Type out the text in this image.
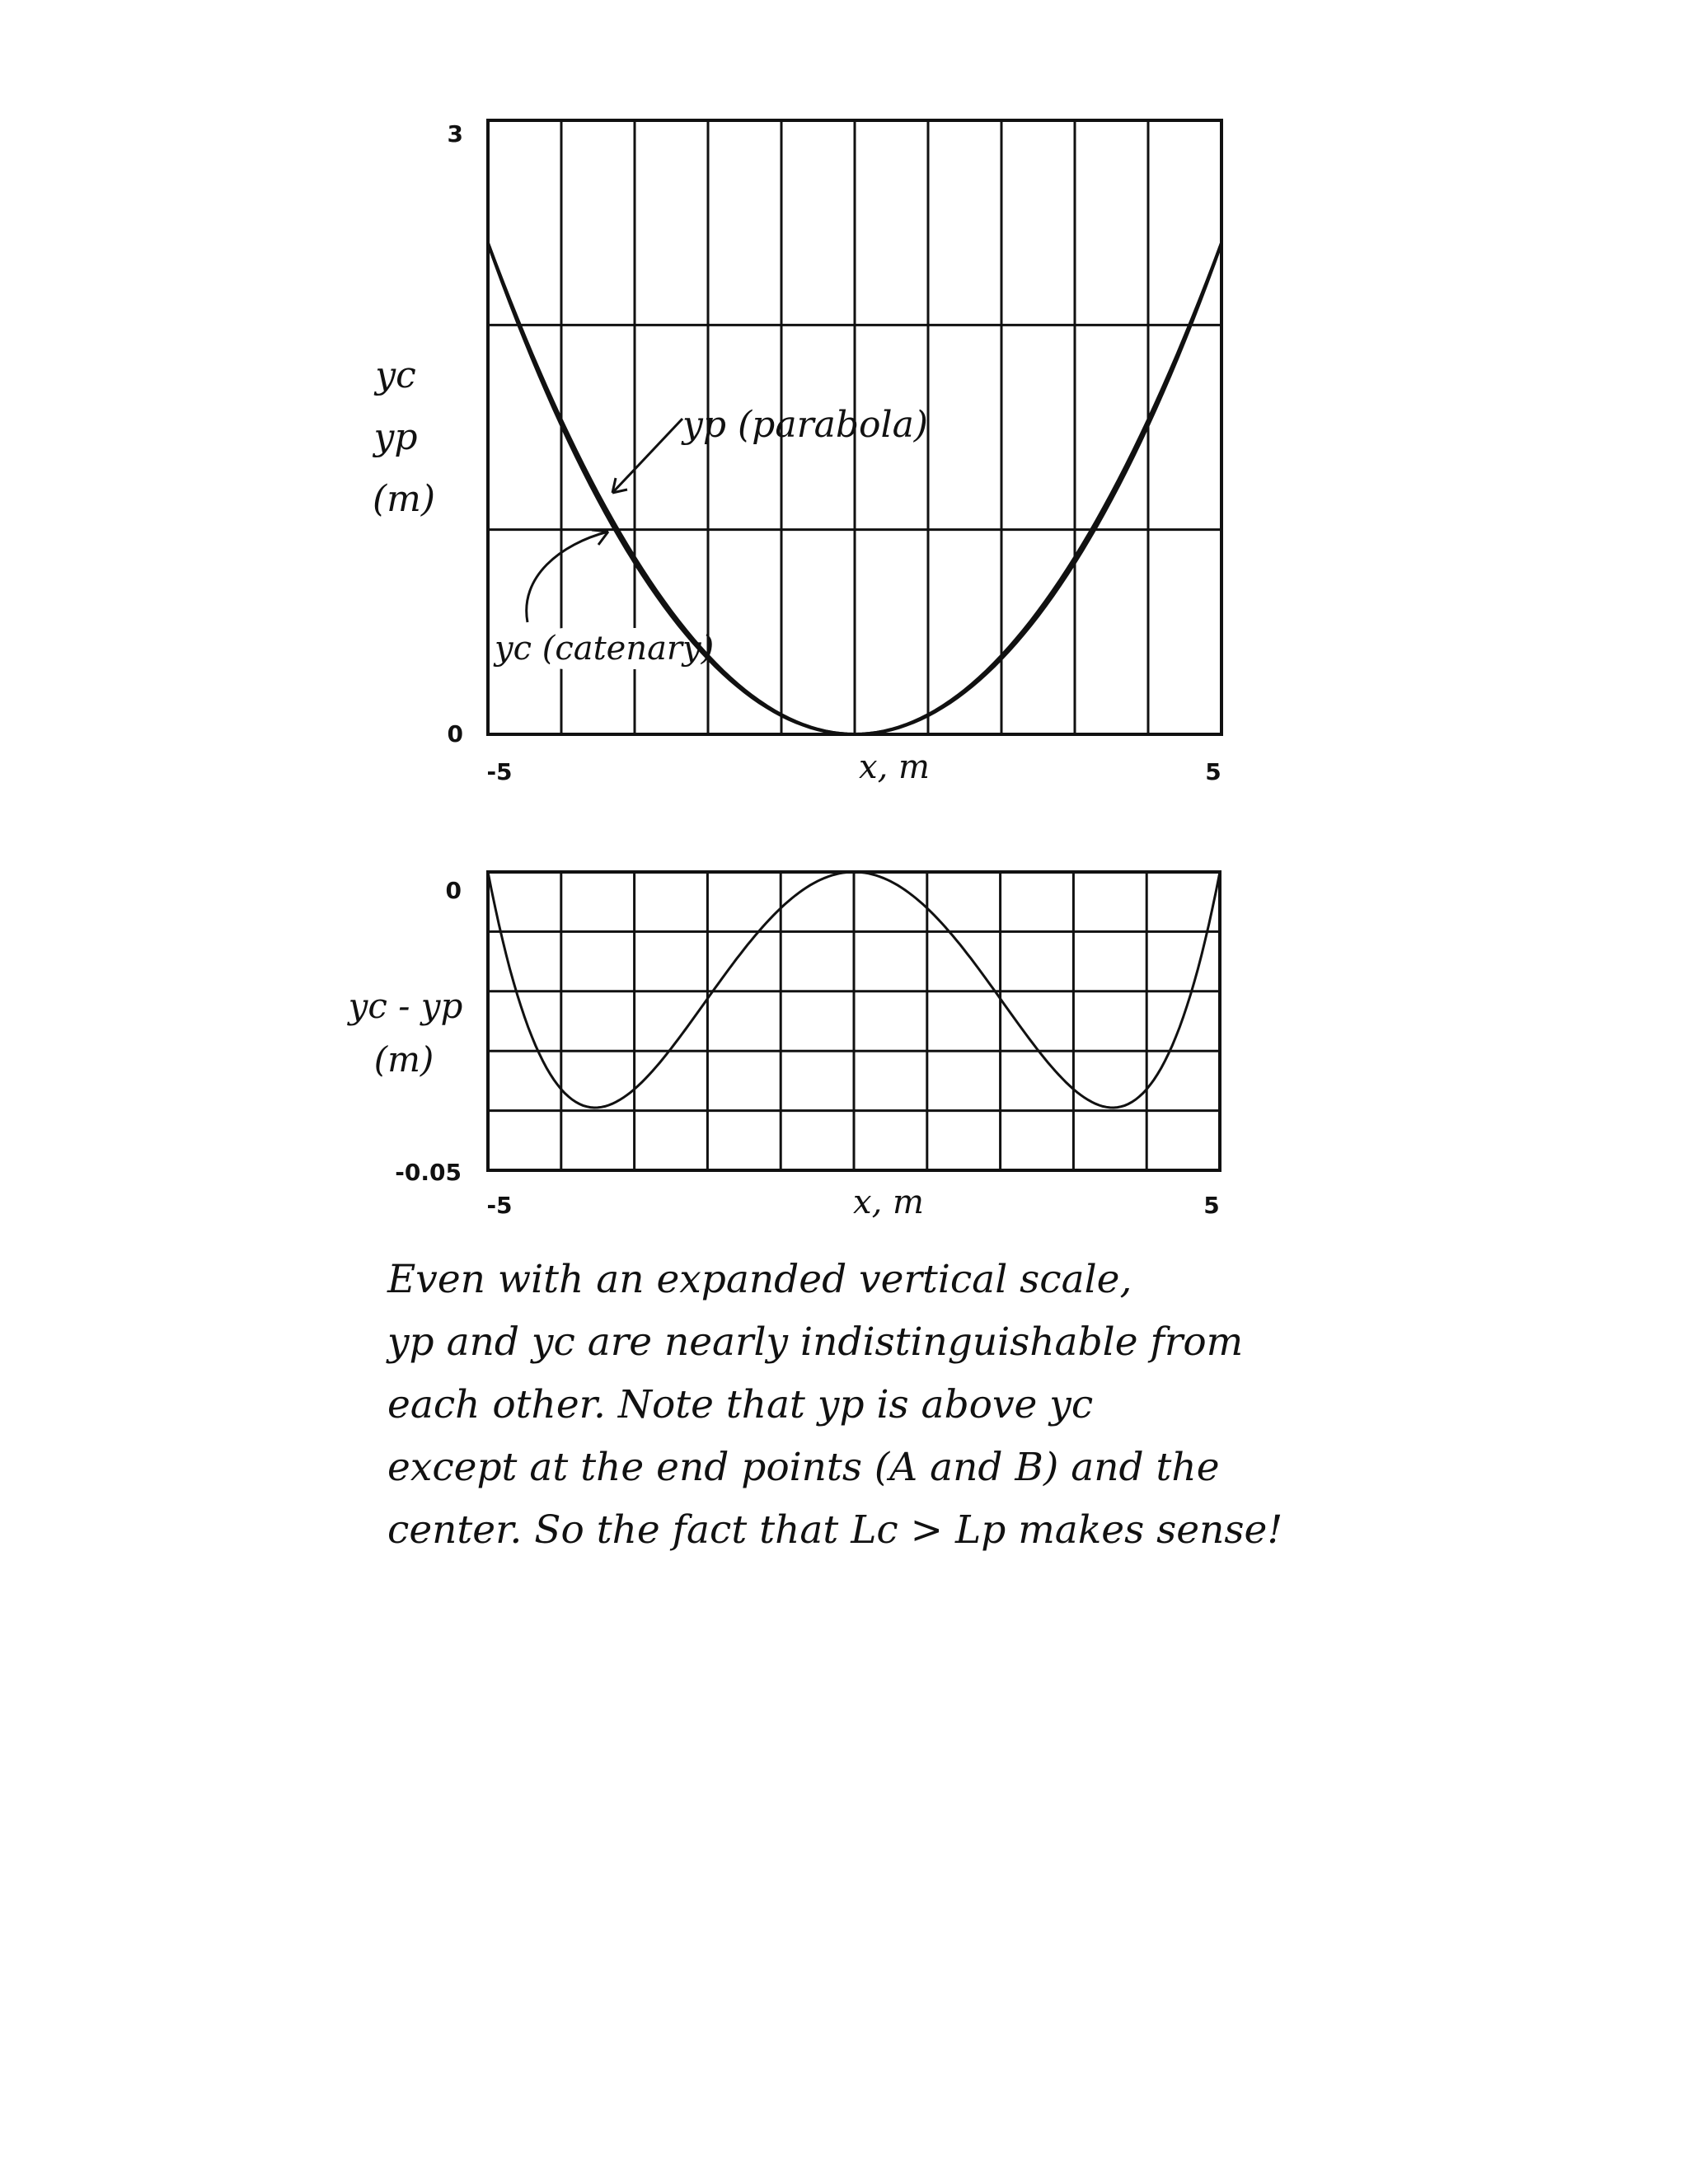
3
0
-5	5
x, m
yc
yp
(m)
yp (parabola)
yc (catenary)
0
-0.05
-5	5
x, m
yc - yp
(m)
Even with an expanded vertical scale,
yp and yc are nearly indistinguishable from
each other. Note that yp is above yc
except at the end points (A and B) and the
center. So the fact that Lc > Lp makes sense!
